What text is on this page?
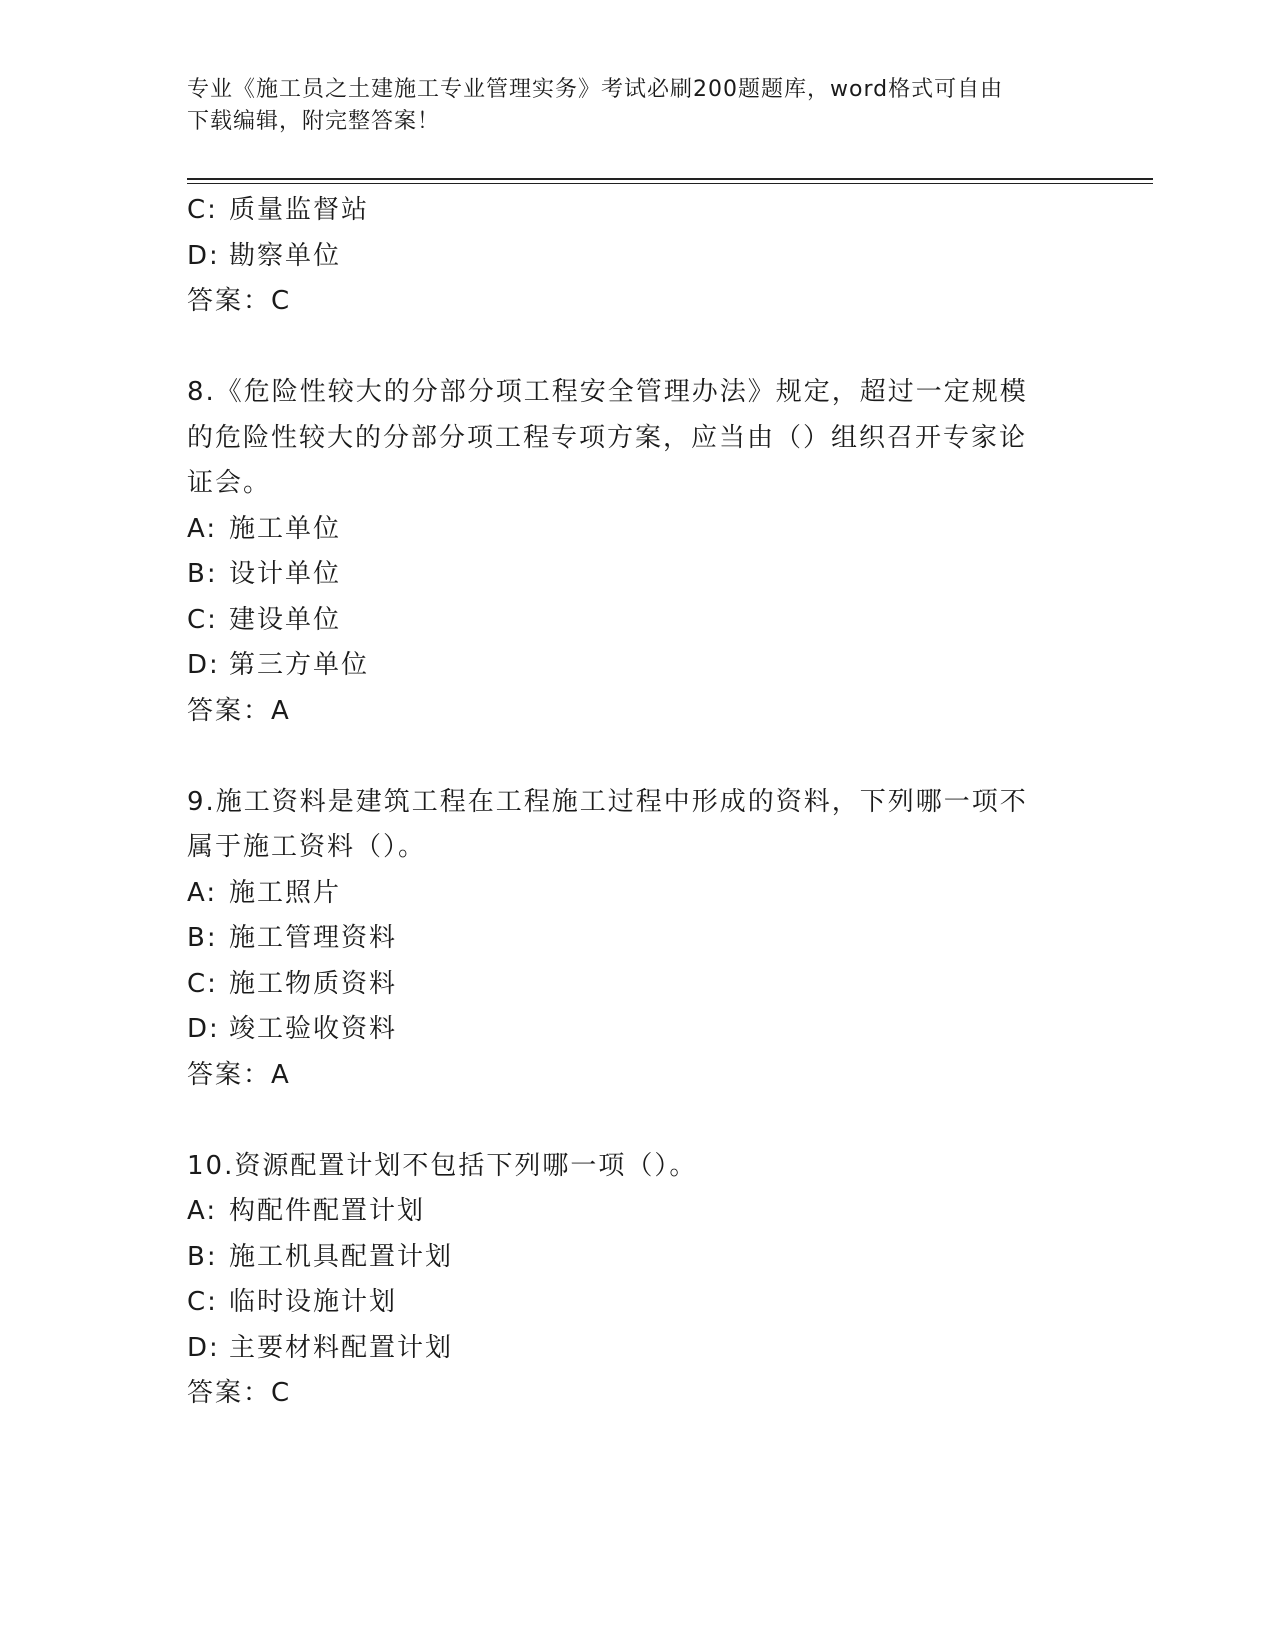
专业《施工员之土建施工专业管理实务》考试必刷200题题库，word格式可自由
下载编辑，附完整答案！
C: 质量监督站
D: 勘察单位
答案：C
8.《危险性较大的分部分项工程安全管理办法》规定，超过一定规模
的危险性较大的分部分项工程专项方案，应当由（）组织召开专家论
证会。
A: 施工单位
B: 设计单位
C: 建设单位
D: 第三方单位
答案：A
9.施工资料是建筑工程在工程施工过程中形成的资料，下列哪一项不
属于施工资料（）。
A: 施工照片
B: 施工管理资料
C: 施工物质资料
D: 竣工验收资料
答案：A
10.资源配置计划不包括下列哪一项（）。
A: 构配件配置计划
B: 施工机具配置计划
C: 临时设施计划
D: 主要材料配置计划
答案：C
